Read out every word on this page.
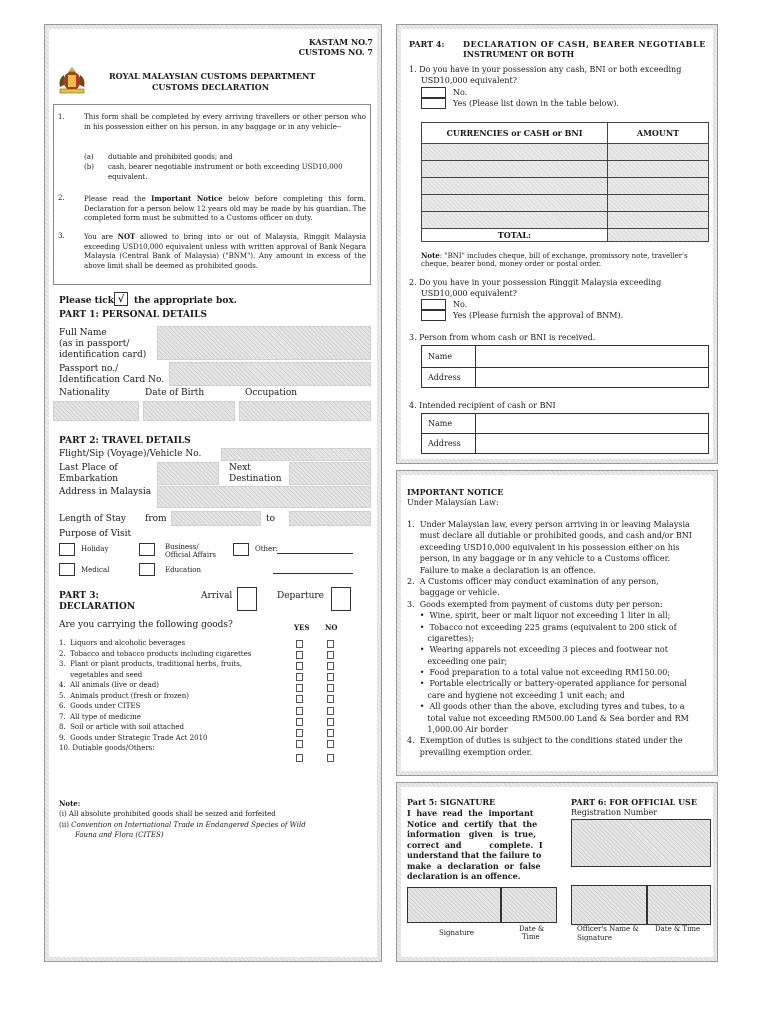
KASTAM NO.7
CUSTOMS NO. 7
ROYAL MALAYSIAN CUSTOMS DEPARTMENT
CUSTOMS DECLARATION
1.	This form shall be completed by every arriving travellers or other person who in his possession either on his person, in any baggage or in any vehicle--
(a) dutiable and prohibited goods; and
(b) cash, bearer negotiable instrument or both exceeding USD10,000 equivalent.
2.	Please read the Important Notice below before completing this form. Declaration for a person below 12 years old may be made by his guardian. The completed form must be submitted to a Customs officer on duty.
3.	You are NOT allowed to bring into or out of Malaysia, Ringgit Malaysia exceeding USD10,000 equivalent unless with written approval of Bank Negara Malaysia (Central Bank of Malaysia) ("BNM"). Any amount in excess of the above limit shall be deemed as prohibited goods.
Please tick √	the appropriate box.
PART 1: PERSONAL DETAILS
Full Name
(as in passport/
identification card)
Passport no./
Identification Card No.
Nationality	Date of Birth	Occupation
PART 2: TRAVEL DETAILS
Flight/Sip (Voyage)/Vehicle No.
Last Place of
Embarkation
Next
Destination
Address in Malaysia
Length of Stay from	to
Purpose of Visit
Holiday	Business/
Official Affairs
Other:
Medical	Education
PART 3:
DECLARATION
Arrival	Departure
Are you carrying the following goods?	YES NO
1.  Liquors and alcoholic beverages
2.  Tobacco and tobacco products including cigarettes
3.  Plant or plant products, traditional herbs, fruits,
vegetables and seed
4.  All animals (live or dead)
5.  Animals product (fresh or frozen)
6.  Goods under CITES
7.  All type of medicine
8.  Soil or article with soil attached
9.  Goods under Strategic Trade Act 2010
10. Dutiable goods/Others:
Note:
(i) All absolute prohibited goods shall be seized and forfeited
(ii) Convention on International Trade in Endangered Species of Wild
Fauna and Flora (CITES)
PART 4: DECLARATION OF CASH, BEARER NEGOTIABLE
INSTRUMENT OR BOTH
1. Do you have in your possession any cash, BNI or both exceeding
USD10,000 equivalent?
No.
Yes (Please list down in the table below).
CURRENCIES or CASH or BNI	AMOUNT

TOTAL:	
Note: "BNI" includes cheque, bill of exchange, promissory note, traveller's
cheque, bearer bond, money order or postal order.
2. Do you have in your possession Ringgit Malaysia exceeding
USD10,000 equivalent?
No.
Yes (Please furnish the approval of BNM).
3. Person from whom cash or BNI is received.
Name	
Address	
4. Intended recipient of cash or BNI
Name	
Address	
IMPORTANT NOTICE
Under Malaysian Law:
1.  Under Malaysian law, every person arriving in or leaving Malaysia
must declare all dutiable or prohibited goods, and cash and/or BNI
exceeding USD10,000 equivalent in his possession either on his
person, in any baggage or in any vehicle to a Customs officer.
Failure to make a declaration is an offence.
2.  A Customs officer may conduct examination of any person,
baggage or vehicle.
3.  Goods exempted from payment of customs duty per person:
•  Wine, spirit, beer or malt liquor not exceeding 1 liter in all;
•  Tobacco not exceeding 225 grams (equivalent to 200 stick of
cigarettes);
•  Wearing apparels not exceeding 3 pieces and footwear not
exceeding one pair;
•  Food preparation to a total value not exceeding RM150.00;
•  Portable electrically or battery-operated appliance for personal
care and hygiene not exceeding 1 unit each; and
•  All goods other than the above, excluding tyres and tubes, to a
total value not exceeding RM500.00 Land & Sea border and RM
1,000.00 Air border
4.  Exemption of duties is subject to the conditions stated under the
prevailing exemption order.
Part 5: SIGNATURE
I  have  read  the  important
Notice  and  certify  that  the
information   given   is  true,
correct  and          complete.  I
understand that the failure to
make  a  declaration  or  false
declaration is an offence.
Signature	Date &
Time
PART 6: FOR OFFICIAL USE
Registration Number
Officer's Name &
Signature
Date & Time
